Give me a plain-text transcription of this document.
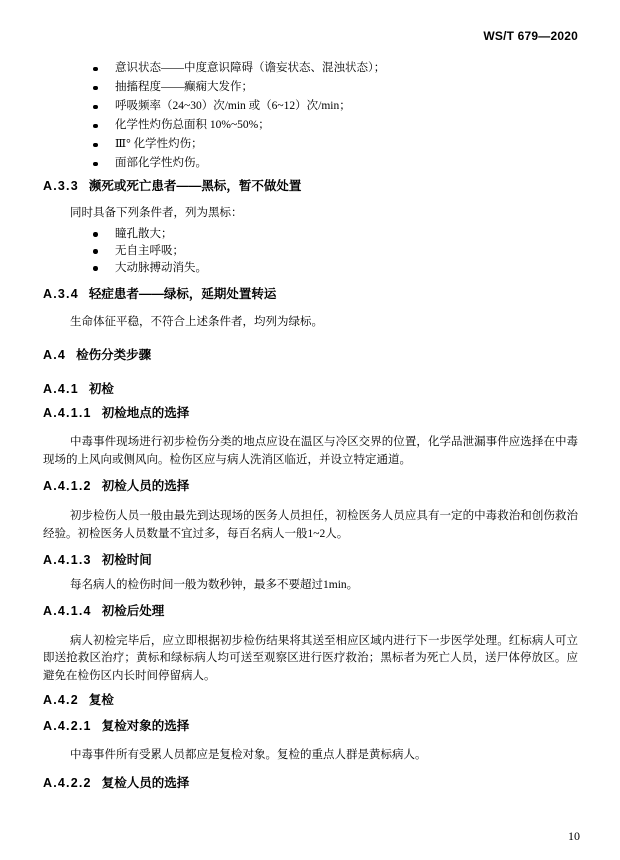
WS/T 679—2020
意识状态——中度意识障碍（谵妄状态、混浊状态）；
抽搐程度——癫痫大发作；
呼吸频率（24~30）次/min 或（6~12）次/min；
化学性灼伤总面积 10%~50%；
Ⅲ° 化学性灼伤；
面部化学性灼伤。
A.3.3 濒死或死亡患者——黑标，暂不做处置

同时具备下列条件者，列为黑标：

瞳孔散大；
无自主呼吸；
大动脉搏动消失。
A.3.4 轻症患者——绿标，延期处置转运

生命体征平稳，不符合上述条件者，均列为绿标。

A.4 检伤分类步骤
A.4.1 初检
A.4.1.1 初检地点的选择

中毒事件现场进行初步检伤分类的地点应设在温区与冷区交界的位置，化学品泄漏事件应选择在中毒现场的上风向或侧风向。检伤区应与病人洗消区临近，并设立特定通道。

A.4.1.2 初检人员的选择

初步检伤人员一般由最先到达现场的医务人员担任，初检医务人员应具有一定的中毒救治和创伤救治经验。初检医务人员数量不宜过多，每百名病人一般1~2人。

A.4.1.3 初检时间

每名病人的检伤时间一般为数秒钟，最多不要超过1min。

A.4.1.4 初检后处理

病人初检完毕后，应立即根据初步检伤结果将其送至相应区域内进行下一步医学处理。红标病人可立即送抢救区治疗；黄标和绿标病人均可送至观察区进行医疗救治；黑标者为死亡人员，送尸体停放区。应避免在检伤区内长时间停留病人。

A.4.2 复检
A.4.2.1 复检对象的选择

中毒事件所有受累人员都应是复检对象。复检的重点人群是黄标病人。

A.4.2.2 复检人员的选择
10
